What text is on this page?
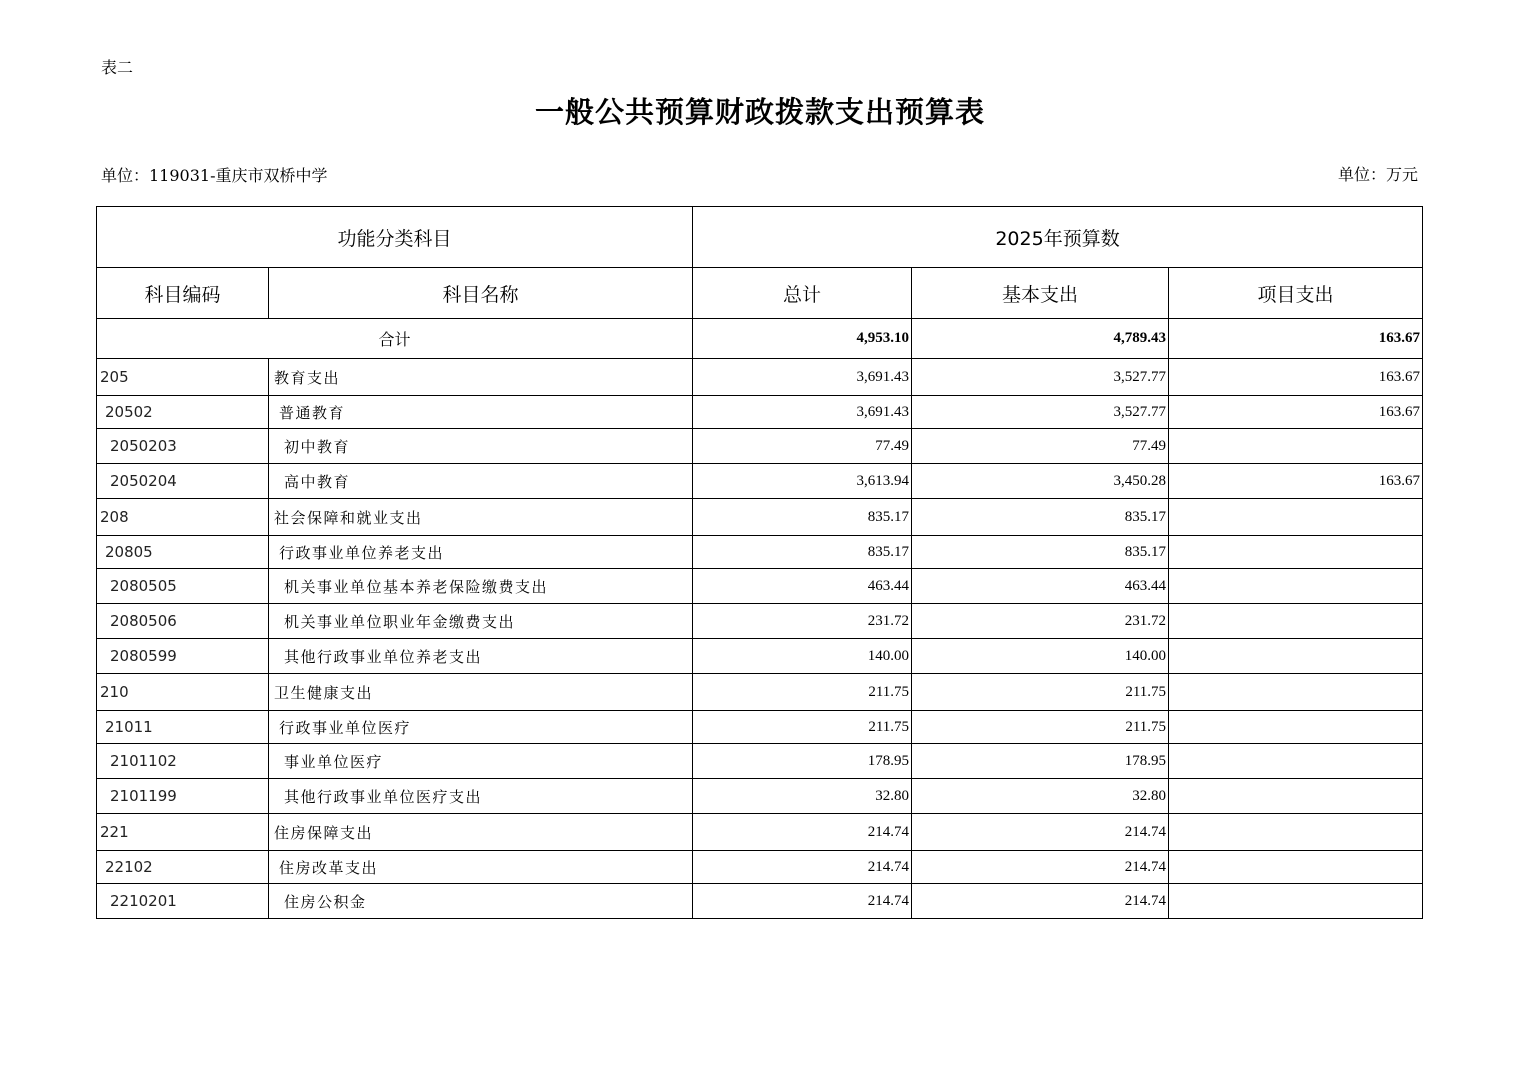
表二
一般公共预算财政拨款支出预算表
单位：119031-重庆市双桥中学	单位：万元
功能分类科目		2025年预算数		
科目编码	科目名称	总计	基本支出	项目支出
合计		4,953.10	4,789.43	163.67
205	教育支出	3,691.43	3,527.77	163.67
20502	普通教育	3,691.43	3,527.77	163.67
2050203	初中教育	77.49	77.49	
2050204	高中教育	3,613.94	3,450.28	163.67
208	社会保障和就业支出	835.17	835.17	
20805	行政事业单位养老支出	835.17	835.17	
2080505	机关事业单位基本养老保险缴费支出	463.44	463.44	
2080506	机关事业单位职业年金缴费支出	231.72	231.72	
2080599	其他行政事业单位养老支出	140.00	140.00	
210	卫生健康支出	211.75	211.75	
21011	行政事业单位医疗	211.75	211.75	
2101102	事业单位医疗	178.95	178.95	
2101199	其他行政事业单位医疗支出	32.80	32.80	
221	住房保障支出	214.74	214.74	
22102	住房改革支出	214.74	214.74	
2210201	住房公积金	214.74	214.74	
